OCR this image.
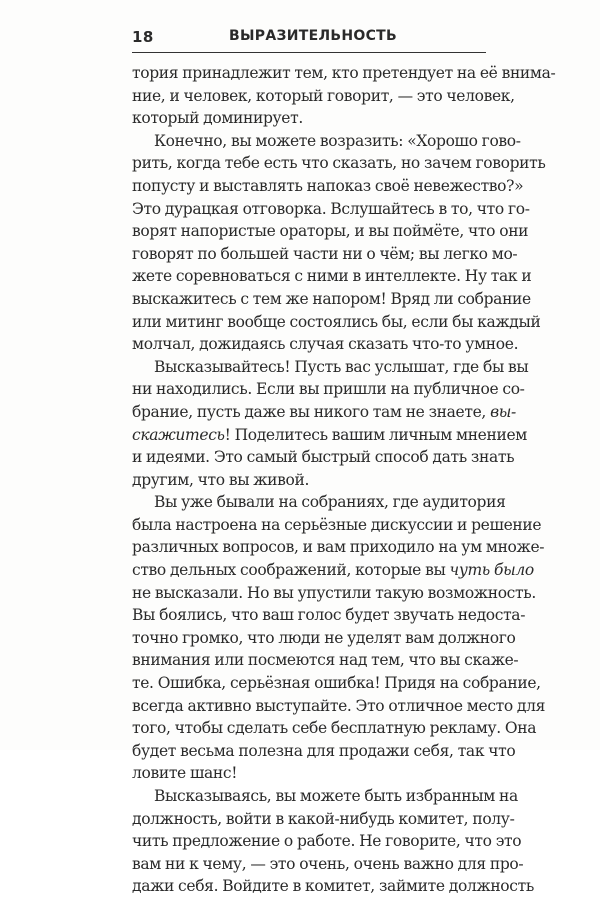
18	ВЫРАЗИТЕЛЬНОСТЬ
тория принадлежит тем, кто претендует на её внима-
ние, и человек, который говорит, — это человек,
который доминирует.
Конечно, вы можете возразить: «Хорошо гово-
рить, когда тебе есть что сказать, но зачем говорить
попусту и выставлять напоказ своё невежество?»
Это дурацкая отговорка. Вслушайтесь в то, что го-
ворят напористые ораторы, и вы поймёте, что они
говорят по большей части ни о чём; вы легко мо-
жете соревноваться с ними в интеллекте. Ну так и
выскажитесь с тем же напором! Вряд ли собрание
или митинг вообще состоялись бы, если бы каждый
молчал, дожидаясь случая сказать что-то умное.
Высказывайтесь! Пусть вас услышат, где бы вы
ни находились. Если вы пришли на публичное со-
брание, пусть даже вы никого там не знаете, вы-
скажитесь! Поделитесь вашим личным мнением
и идеями. Это самый быстрый способ дать знать
другим, что вы живой.
Вы уже бывали на собраниях, где аудитория
была настроена на серьёзные дискуссии и решение
различных вопросов, и вам приходило на ум множе-
ство дельных соображений, которые вы чуть было
не высказали. Но вы упустили такую возможность.
Вы боялись, что ваш голос будет звучать недоста-
точно громко, что люди не уделят вам должного
внимания или посмеются над тем, что вы скаже-
те. Ошибка, серьёзная ошибка! Придя на собрание,
всегда активно выступайте. Это отличное место для
того, чтобы сделать себе бесплатную рекламу. Она
будет весьма полезна для продажи себя, так что
ловите шанс!
Высказываясь, вы можете быть избранным на
должность, войти в какой-нибудь комитет, полу-
чить предложение о работе. Не говорите, что это
вам ни к чему, — это очень, очень важно для про-
дажи себя. Войдите в комитет, займите должность
